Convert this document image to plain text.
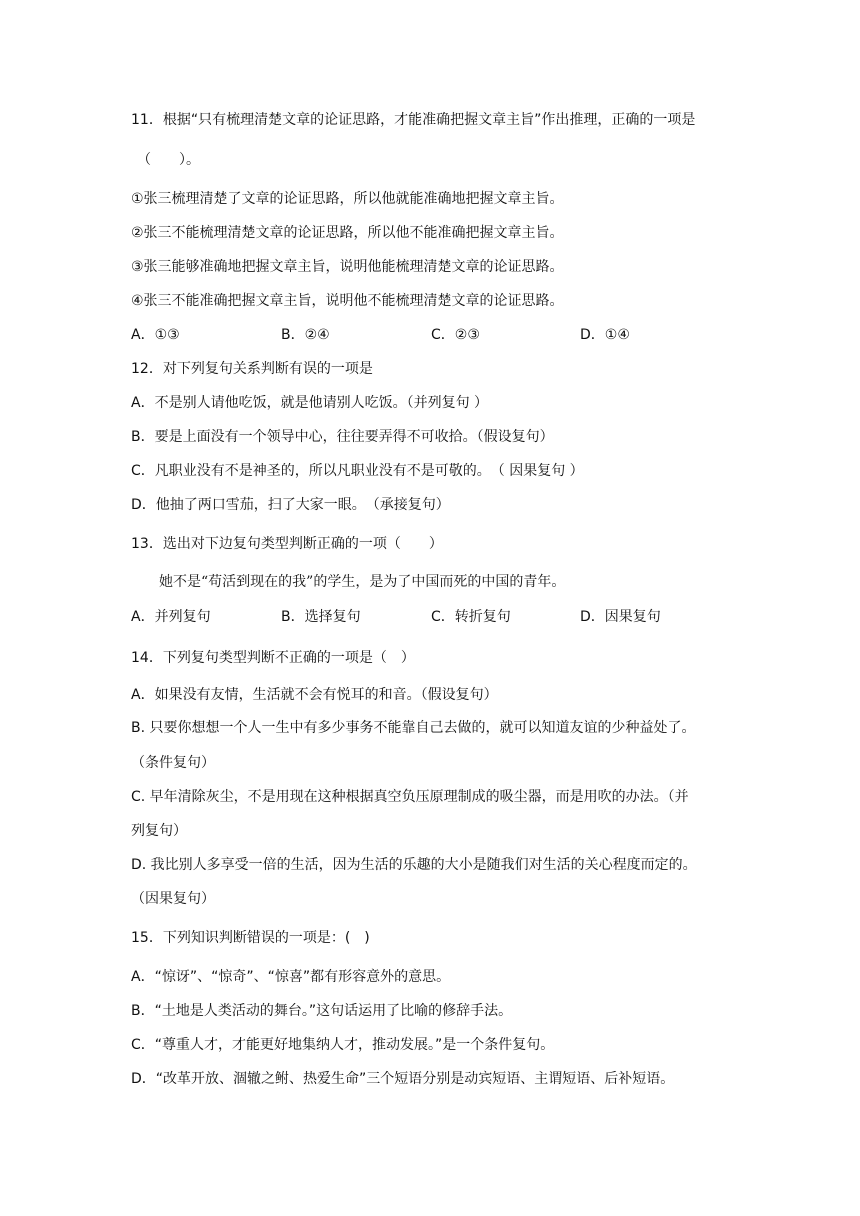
11．根据“只有梳理清楚文章的论证思路，才能准确把握文章主旨”作出推理，正确的一项是
（　　）。
①张三梳理清楚了文章的论证思路，所以他就能准确地把握文章主旨。
②张三不能梳理清楚文章的论证思路，所以他不能准确把握文章主旨。
③张三能够准确地把握文章主旨，说明他能梳理清楚文章的论证思路。
④张三不能准确把握文章主旨，说明他不能梳理清楚文章的论证思路。
A．①③	B．②④	C．②③	D．①④
12．对下列复句关系判断有误的一项是
A．不是别人请他吃饭，就是他请别人吃饭。（并列复句 ）
B．要是上面没有一个领导中心，往往要弄得不可收拾。（假设复句）
C．凡职业没有不是神圣的，所以凡职业没有不是可敬的。　（ 因果复句 ）
D．他抽了两口雪茄，扫了大家一眼。　（承接复句）
13．选出对下边复句类型判断正确的一项（　　）
她不是“苟活到现在的我”的学生，是为了中国而死的中国的青年。
A．并列复句	B．选择复句	C．转折复句	D．因果复句
14．下列复句类型判断不正确的一项是（　）
A．如果没有友情，生活就不会有悦耳的和音。（假设复句）
B. 只要你想想一个人一生中有多少事务不能靠自己去做的，就可以知道友谊的少种益处了。
（条件复句）
C. 早年清除灰尘，不是用现在这种根据真空负压原理制成的吸尘器，而是用吹的办法。（并
列复句）
D. 我比别人多享受一倍的生活，因为生活的乐趣的大小是随我们对生活的关心程度而定的。
（因果复句）
15．下列知识判断错误的一项是：(　)
A．“惊讶”、“惊奇”、“惊喜”都有形容意外的意思。
B．“土地是人类活动的舞台。”这句话运用了比喻的修辞手法。
C．“尊重人才，才能更好地集纳人才，推动发展。”是一个条件复句。
D．“改革开放、涸辙之鲋、热爱生命”三个短语分别是动宾短语、主谓短语、后补短语。
